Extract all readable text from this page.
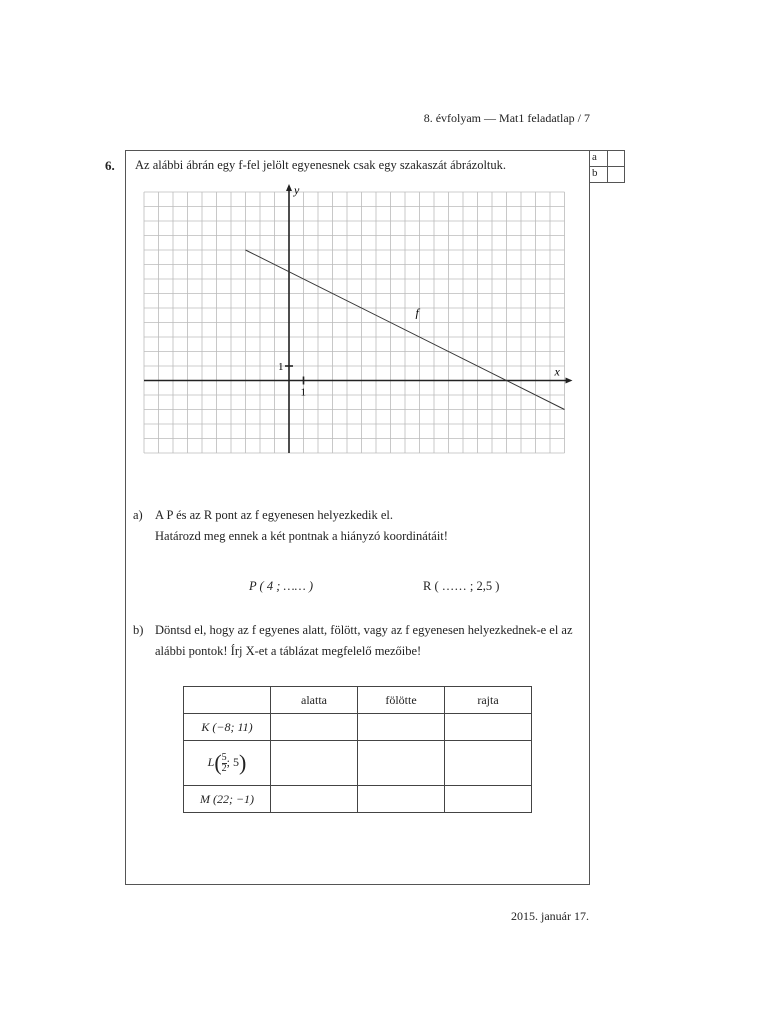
8. évfolyam — Mat1 feladatlap / 7
6.
a	
b	
Az alábbi ábrán egy f-fel jelölt egyenesnek csak egy szakaszát ábrázoltuk.
y
x
1
1
f
a) A P és az R pont az f egyenesen helyezkedik el.
Határozd meg ennek a két pontnak a hiányzó koordinátáit!
P ( 4 ; …… )	R ( …… ; 2,5 )
b) Döntsd el, hogy az f egyenes alatt, fölött, vagy az f egyenesen helyezkednek-e el az
alábbi pontok! Írj X-et a táblázat megfelelő mezőibe!
	alatta	fölötte	rajta
K (−8; 11)			
$L( \frac{5}{2}$ ; 5)			
M (22; −1)			
2015. január 17.
